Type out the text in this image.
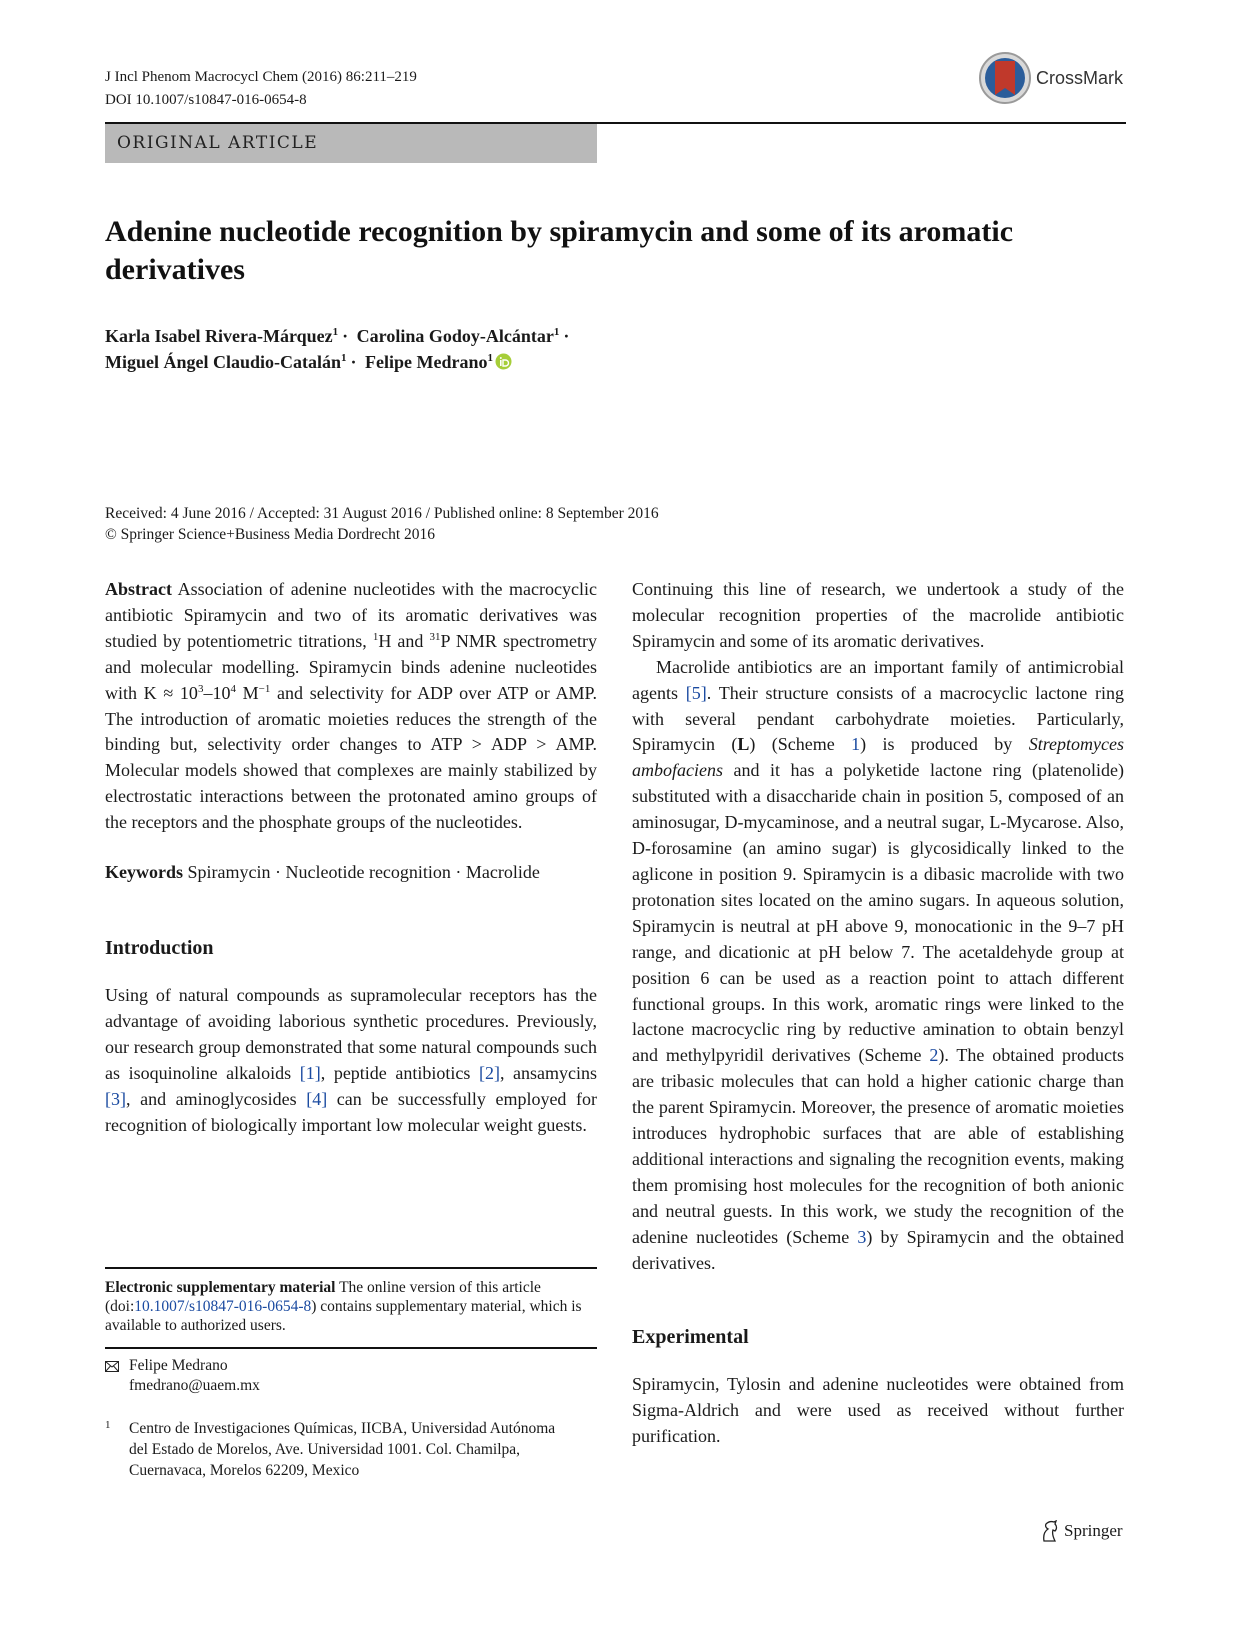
J Incl Phenom Macrocycl Chem (2016) 86:211–219
DOI 10.1007/s10847-016-0654-8
CrossMark
ORIGINAL ARTICLE
Adenine nucleotide recognition by spiramycin and some of its aromatic derivatives
Karla Isabel Rivera-Márquez$^1$ · Carolina Godoy-Alcántar$^1$ ·
Miguel Ángel Claudio-Catalán$^1$ · Felipe Medrano$^1$
Received: 4 June 2016 / Accepted: 31 August 2016 / Published online: 8 September 2016
© Springer Science+Business Media Dordrecht 2016

Abstract Association of adenine nucleotides with the macrocyclic antibiotic Spiramycin and two of its aromatic derivatives was studied by potentiometric titrations, $^1$H and $^{31}$P NMR spectrometry and molecular modelling. Spiramycin binds adenine nucleotides with $K \approx 10^3-10^4$ $M^{-1}$ and selectivity for ADP over ATP or AMP. The introduction of aromatic moieties reduces the strength of the binding but, selectivity order changes to ATP > ADP > AMP. Molecular models showed that complexes are mainly stabilized by electrostatic interactions between the protonated amino groups of the receptors and the phosphate groups of the nucleotides.

Keywords Spiramycin · Nucleotide recognition · Macrolide

Introduction

Using of natural compounds as supramolecular receptors has the advantage of avoiding laborious synthetic procedures. Previously, our research group demonstrated that some natural compounds such as isoquinoline alkaloids [1], peptide antibiotics [2], ansamycins [3], and aminoglycosides [4] can be successfully employed for recognition of biologically important low molecular weight guests.

Electronic supplementary material The online version of this article (doi:10.1007/s10847-016-0654-8) contains supplementary material, which is available to authorized users.
Felipe Medrano
fmedrano@uaem.mx
1	Centro de Investigaciones Químicas, IICBA, Universidad Autónoma del Estado de Morelos, Ave. Universidad 1001. Col. Chamilpa, Cuernavaca, Morelos 62209, Mexico

Continuing this line of research, we undertook a study of the molecular recognition properties of the macrolide antibiotic Spiramycin and some of its aromatic derivatives.

Macrolide antibiotics are an important family of antimicrobial agents [5]. Their structure consists of a macrocyclic lactone ring with several pendant carbohydrate moieties. Particularly, Spiramycin (L) (Scheme 1) is produced by Streptomyces ambofaciens and it has a polyketide lactone ring (platenolide) substituted with a disaccharide chain in position 5, composed of an aminosugar, D-mycaminose, and a neutral sugar, L-Mycarose. Also, D-forosamine (an amino sugar) is glycosidically linked to the aglicone in position 9. Spiramycin is a dibasic macrolide with two protonation sites located on the amino sugars. In aqueous solution, Spiramycin is neutral at pH above 9, monocationic in the 9–7 pH range, and dicationic at pH below 7. The acetaldehyde group at position 6 can be used as a reaction point to attach different functional groups. In this work, aromatic rings were linked to the lactone macrocyclic ring by reductive amination to obtain benzyl and methylpyridil derivatives (Scheme 2). The obtained products are tribasic molecules that can hold a higher cationic charge than the parent Spiramycin. Moreover, the presence of aromatic moieties introduces hydrophobic surfaces that are able of establishing additional interactions and signaling the recognition events, making them promising host molecules for the recognition of both anionic and neutral guests. In this work, we study the recognition of the adenine nucleotides (Scheme 3) by Spiramycin and the obtained derivatives.

Experimental

Spiramycin, Tylosin and adenine nucleotides were obtained from Sigma-Aldrich and were used as received without further purification.

Springer
